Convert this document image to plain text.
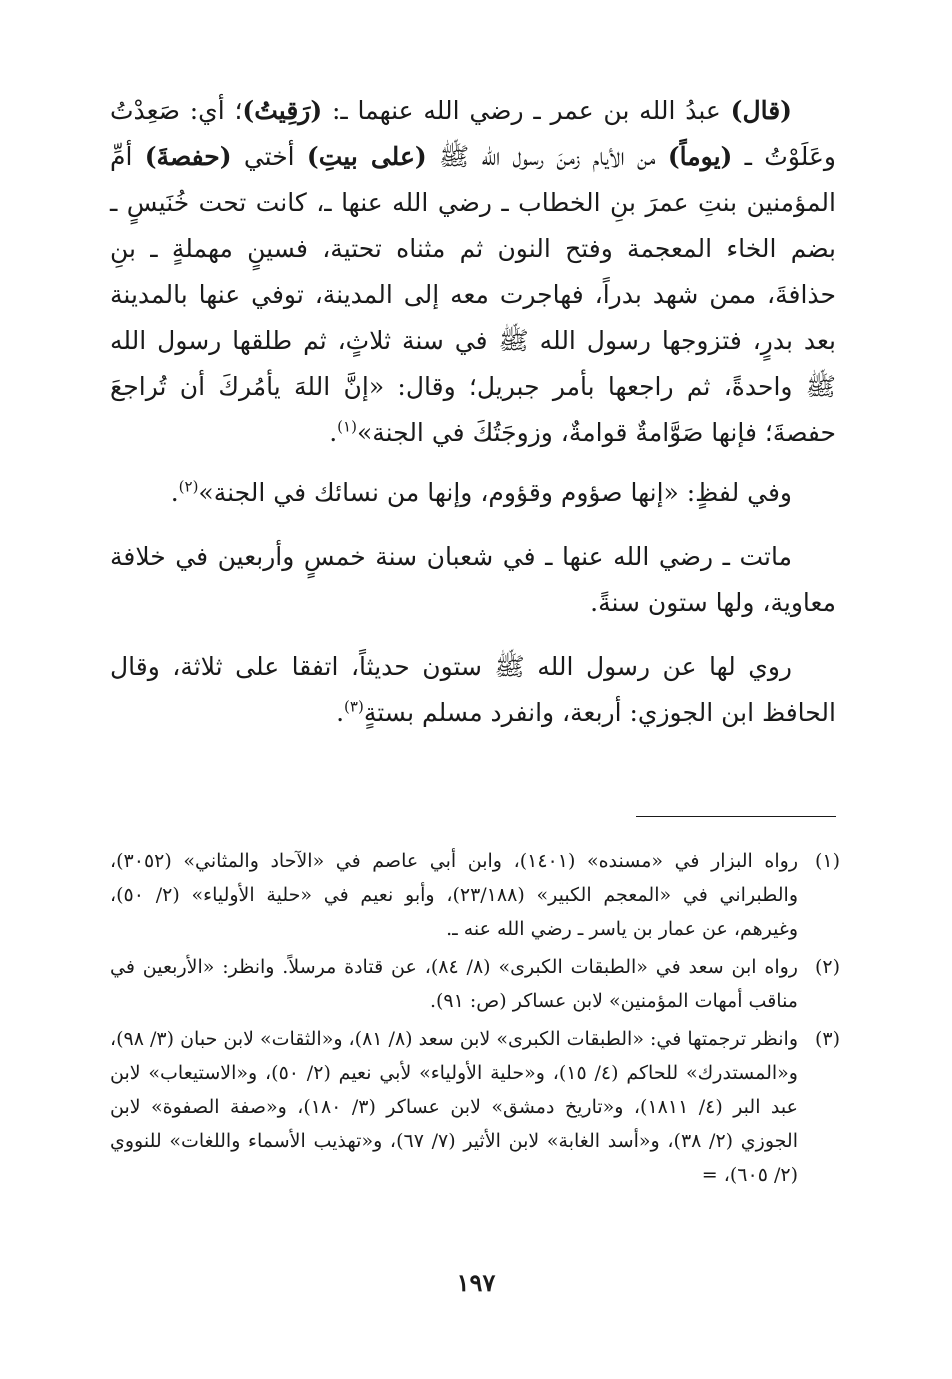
(قال) عبدُ الله بن عمر ـ رضي الله عنهما ـ: (رَقِيتُ)؛ أي: صَعِدْتُ وعَلَوْتُ ـ (يوماً) من الأيام زمنَ رسول الله ﷺ (على بيتِ) أختي (حفصةَ) أمِّ المؤمنين بنتِ عمرَ بنِ الخطاب ـ رضي الله عنها ـ، كانت تحت خُنَيسٍ ـ بضم الخاء المعجمة وفتح النون ثم مثناه تحتية، فسينٍ مهملةٍ ـ بنِ حذافةَ، ممن شهد بدراً، فهاجرت معه إلى المدينة، توفي عنها بالمدينة بعد بدرٍ، فتزوجها رسول الله ﷺ في سنة ثلاثٍ، ثم طلقها رسول الله ﷺ واحدةً، ثم راجعها بأمر جبريل؛ وقال: «إنَّ اللهَ يأمُركَ أن تُراجعَ حفصةَ؛ فإنها صَوَّامةٌ قوامةٌ، وزوجَتُكَ في الجنة»$^{(١)}$.

وفي لفظٍ: «إنها صؤوم وقؤوم، وإنها من نسائك في الجنة»$^{(٢)}$.

ماتت ـ رضي الله عنها ـ في شعبان سنة خمسٍ وأربعين في خلافة معاوية، ولها ستون سنةً.

روي لها عن رسول الله ﷺ ستون حديثاً، اتفقا على ثلاثة، وقال الحافظ ابن الجوزي: أربعة، وانفرد مسلم بستةٍ$^{(٣)}$.

(١)
رواه البزار في «مسنده» (١٤٠١)، وابن أبي عاصم في «الآحاد والمثاني» (٣٠٥٢)، والطبراني في «المعجم الكبير» (٢٣/١٨٨)، وأبو نعيم في «حلية الأولياء» (٢/ ٥٠)، وغيرهم، عن عمار بن ياسر ـ رضي الله عنه ـ.
(٢)
رواه ابن سعد في «الطبقات الكبرى» (٨/ ٨٤)، عن قتادة مرسلاً. وانظر: «الأربعين في مناقب أمهات المؤمنين» لابن عساكر (ص: ٩١).
(٣)
وانظر ترجمتها في: «الطبقات الكبرى» لابن سعد (٨/ ٨١)، و«الثقات» لابن حبان (٣/ ٩٨)، و«المستدرك» للحاكم (٤/ ١٥)، و«حلية الأولياء» لأبي نعيم (٢/ ٥٠)، و«الاستيعاب» لابن عبد البر (٤/ ١٨١١)، و«تاريخ دمشق» لابن عساكر (٣/ ١٨٠)، و«صفة الصفوة» لابن الجوزي (٢/ ٣٨)، و«أسد الغابة» لابن الأثير (٧/ ٦٧)، و«تهذيب الأسماء واللغات» للنووي (٢/ ٦٠٥)، =
١٩٧
